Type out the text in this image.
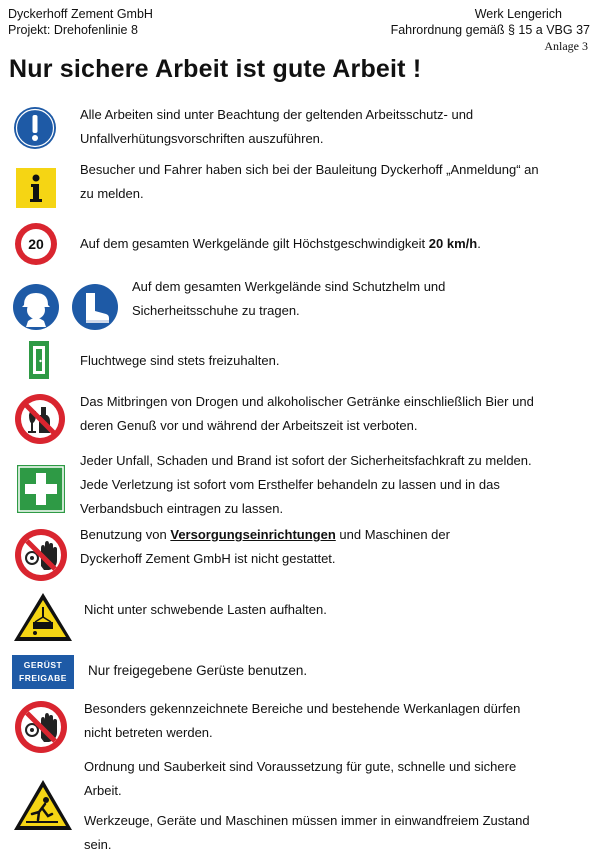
Dyckerhoff Zement GmbH
Projekt: Drehofenlinie 8
Werk Lengerich
Fahrordnung gemäß § 15 a VBG 37
Anlage 3
Nur sichere Arbeit ist gute Arbeit !
Alle Arbeiten sind unter Beachtung der geltenden Arbeitsschutz- und
Unfallverhütungsvorschriften auszuführen.
Besucher und Fahrer haben sich bei der Bauleitung Dyckerhoff „Anmeldung“ an
zu melden.
20	Auf dem gesamten Werkgelände gilt Höchstgeschwindigkeit 20 km/h.
Auf dem gesamten Werkgelände sind Schutzhelm und
Sicherheitsschuhe zu tragen.
Fluchtwege sind stets freizuhalten.
Das Mitbringen von Drogen und alkoholischer Getränke einschließlich Bier und
deren Genuß vor und während der Arbeitszeit ist verboten.
Jeder Unfall, Schaden und Brand ist sofort der Sicherheitsfachkraft zu melden.
Jede Verletzung ist sofort vom Ersthelfer behandeln zu lassen und in das
Verbandsbuch eintragen zu lassen.
Benutzung von Versorgungseinrichtungen und Maschinen der
Dyckerhoff Zement GmbH ist nicht gestattet.
Nicht unter schwebende Lasten aufhalten.
GERÜST
FREIGABE	Nur freigegebene Gerüste benutzen.
Besonders gekennzeichnete Bereiche und bestehende Werkanlagen dürfen
nicht betreten werden.
Ordnung und Sauberkeit sind Voraussetzung für gute, schnelle und sichere
Arbeit.
Werkzeuge, Geräte und Maschinen müssen immer in einwandfreiem Zustand
sein.
